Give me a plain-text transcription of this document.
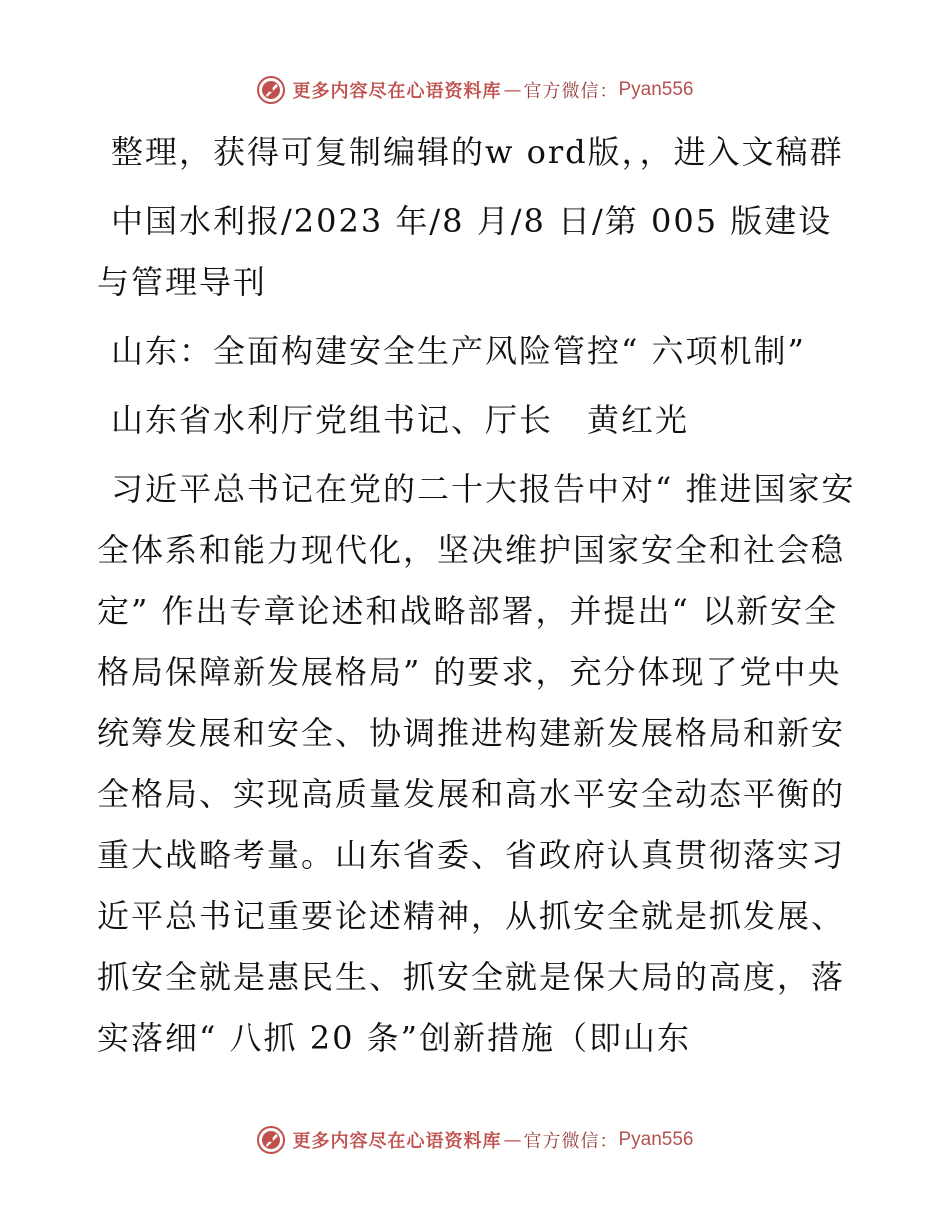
更多内容尽在心语资料库 — 官方微信： Pyan556

整理，获得可复制编辑的w ord版，，进入文稿群

中国水利报/2023 年/8 月/8 日/第 005 版建设与管理导刊

山东：全面构建安全生产风险管控“ 六项机制”

山东省水利厅党组书记、厅长　黄红光

习近平总书记在党的二十大报告中对“ 推进国家安全体系和能力现代化，坚决维护国家安全和社会稳定” 作出专章论述和战略部署，并提出“ 以新安全格局保障新发展格局” 的要求，充分体现了党中央统筹发展和安全、协调推进构建新发展格局和新安全格局、实现高质量发展和高水平安全动态平衡的重大战略考量。山东省委、省政府认真贯彻落实习近平总书记重要论述精神，从抓安全就是抓发展、抓安全就是惠民生、抓安全就是保大局的高度，落实落细“ 八抓 20 条”创新措施（即山东

更多内容尽在心语资料库 — 官方微信： Pyan556
